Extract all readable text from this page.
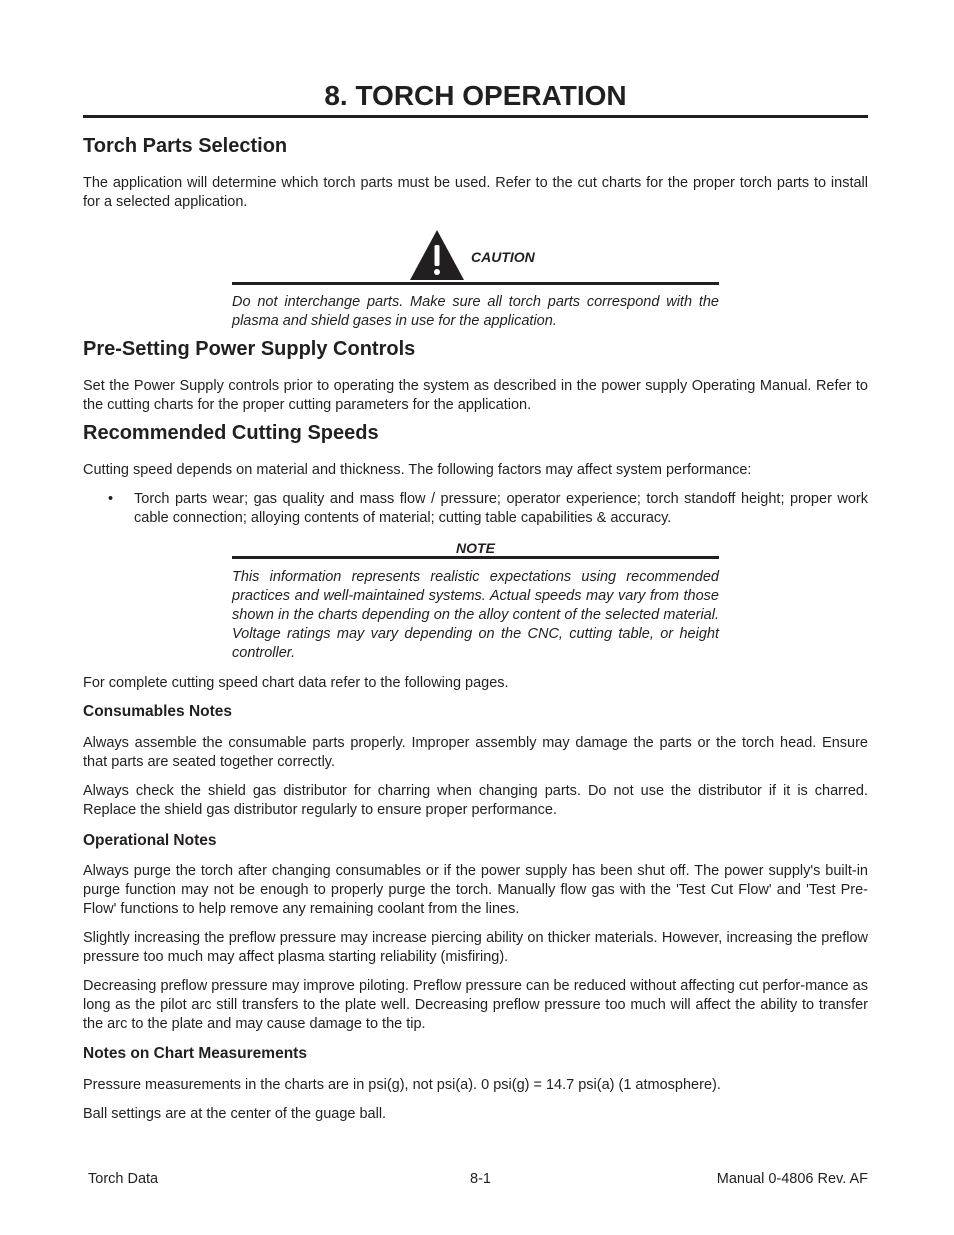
8. TORCH OPERATION
Torch Parts Selection

The application will determine which torch parts must be used. Refer to the cut charts for the proper torch parts to install for a selected application.

CAUTION

Do not interchange parts. Make sure all torch parts correspond with the plasma and shield gases in use for the application.

Pre-Setting Power Supply Controls

Set the Power Supply controls prior to operating the system as described in the power supply Operating Manual. Refer to the cutting charts for the proper cutting parameters for the application.

Recommended Cutting Speeds

Cutting speed depends on material and thickness. The following factors may affect system performance:

• Torch parts wear; gas quality and mass flow / pressure; operator experience; torch standoff height; proper work cable connection; alloying contents of material; cutting table capabilities & accuracy.
NOTE

This information represents realistic expectations using recommended practices and well-maintained systems. Actual speeds may vary from those shown in the charts depending on the alloy content of the selected material. Voltage ratings may vary depending on the CNC, cutting table, or height controller.

For complete cutting speed chart data refer to the following pages.

Consumables Notes

Always assemble the consumable parts properly. Improper assembly may damage the parts or the torch head. Ensure that parts are seated together correctly.

Always check the shield gas distributor for charring when changing parts. Do not use the distributor if it is charred. Replace the shield gas distributor regularly to ensure proper performance.

Operational Notes

Always purge the torch after changing consumables or if the power supply has been shut off. The power supply's built-in purge function may not be enough to properly purge the torch. Manually flow gas with the 'Test Cut Flow' and 'Test Pre-Flow' functions to help remove any remaining coolant from the lines.

Slightly increasing the preflow pressure may increase piercing ability on thicker materials. However, increasing the preflow pressure too much may affect plasma starting reliability (misfiring).

Decreasing preflow pressure may improve piloting. Preflow pressure can be reduced without affecting cut perfor-mance as long as the pilot arc still transfers to the plate well. Decreasing preflow pressure too much will affect the ability to transfer the arc to the plate and may cause damage to the tip.

Notes on Chart Measurements

Pressure measurements in the charts are in psi(g), not psi(a). 0 psi(g) = 14.7 psi(a) (1 atmosphere).

Ball settings are at the center of the guage ball.

Torch Data	8-1	Manual 0-4806 Rev. AF
